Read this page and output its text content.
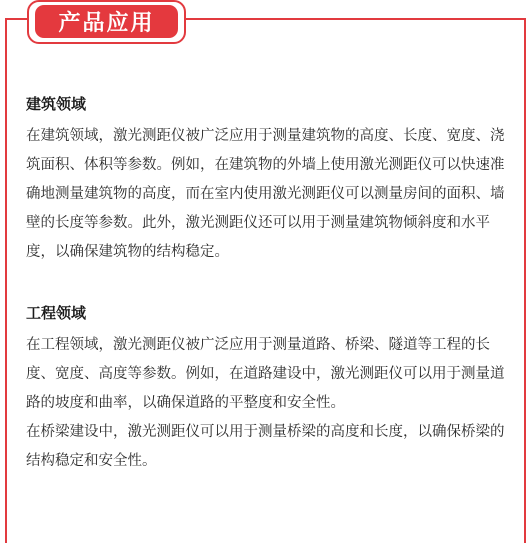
产品应用
建筑领域

在建筑领域，激光测距仪被广泛应用于测量建筑物的高度、长度、宽度、浇筑面积、体积等参数。例如，在建筑物的外墙上使用激光测距仪可以快速准确地测量建筑物的高度，而在室内使用激光测距仪可以测量房间的面积、墙壁的长度等参数。此外，激光测距仪还可以用于测量建筑物倾斜度和水平度，以确保建筑物的结构稳定。

工程领域

在工程领域，激光测距仪被广泛应用于测量道路、桥梁、隧道等工程的长度、宽度、高度等参数。例如，在道路建设中，激光测距仪可以用于测量道路的坡度和曲率，以确保道路的平整度和安全性。
在桥梁建设中，激光测距仪可以用于测量桥梁的高度和长度，以确保桥梁的结构稳定和安全性。
